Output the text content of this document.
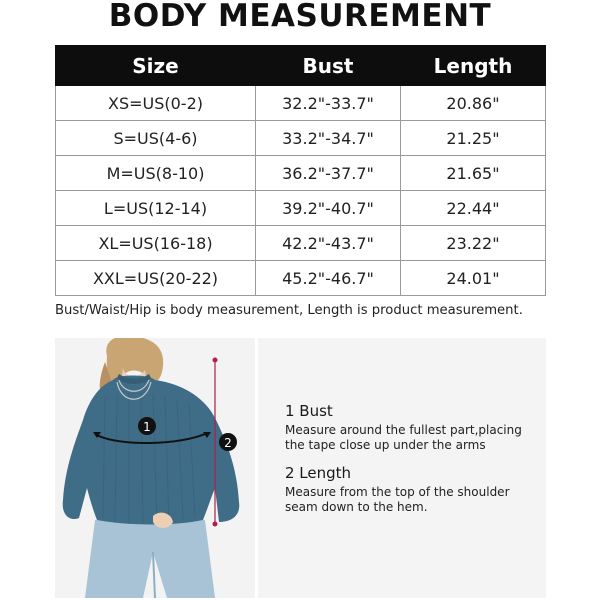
BODY MEASUREMENT
Size	Bust	Length
XS=US(0-2)	32.2"-33.7"	20.86"
S=US(4-6)	33.2"-34.7"	21.25"
M=US(8-10)	36.2"-37.7"	21.65"
L=US(12-14)	39.2"-40.7"	22.44"
XL=US(16-18)	42.2"-43.7"	23.22"
XXL=US(20-22)	45.2"-46.7"	24.01"
Bust/Waist/Hip is body measurement, Length is product measurement.
1
2
1 Bust
Measure around the fullest part,placing the tape close up under the arms
2 Length
Measure from the top of the shoulder seam down to the hem.
